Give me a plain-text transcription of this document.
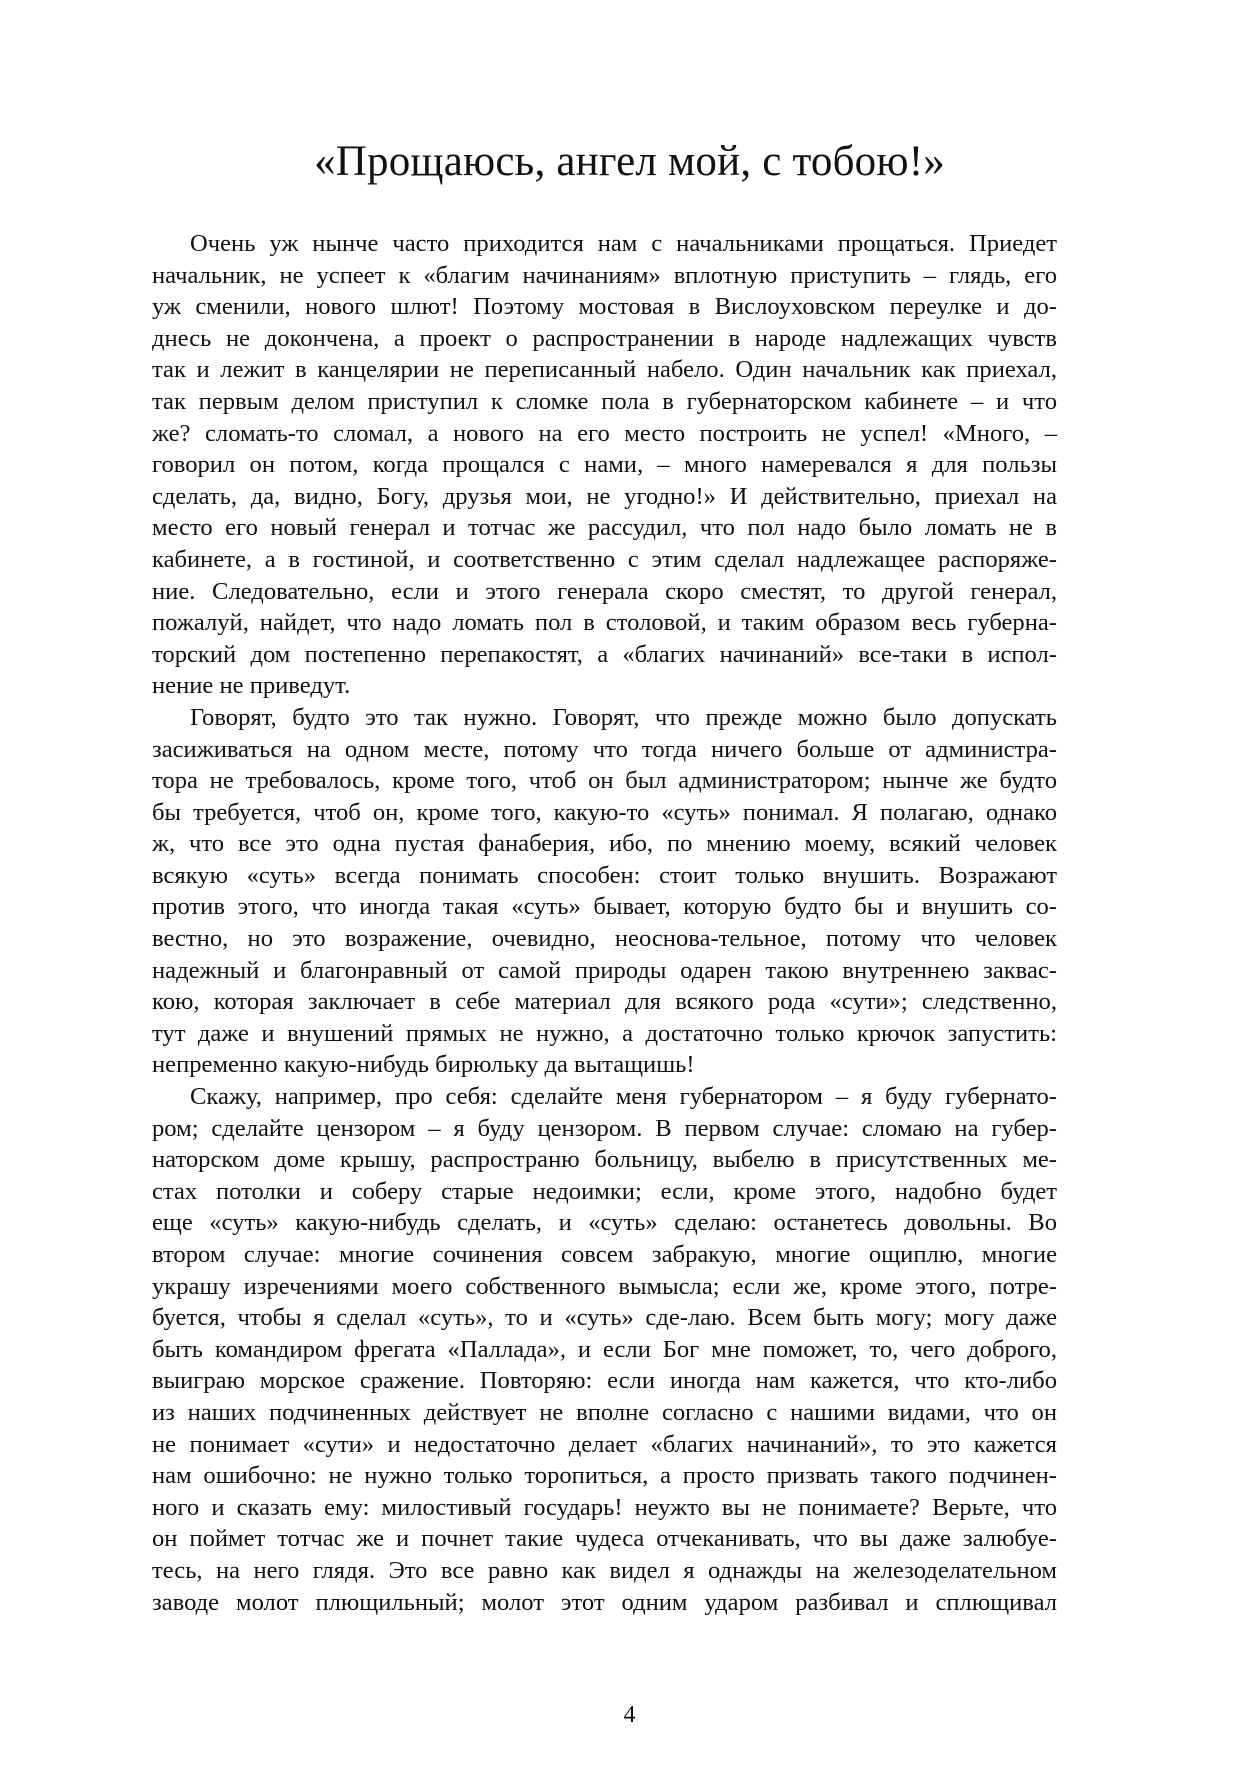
«Прощаюсь, ангел мой, с тобою!»
Очень уж нынче часто приходится нам с начальниками прощаться. Приедет
начальник, не успеет к «благим начинаниям» вплотную приступить – глядь, его
уж сменили, нового шлют! Поэтому мостовая в Вислоуховском переулке и до-
днесь не докончена, а проект о распространении в народе надлежащих чувств
так и лежит в канцелярии не переписанный набело. Один начальник как приехал,
так первым делом приступил к сломке пола в губернаторском кабинете – и что
же? сломать-то сломал, а нового на его место построить не успел! «Много, –
говорил он потом, когда прощался с нами, – много намеревался я для пользы
сделать, да, видно, Богу, друзья мои, не угодно!» И действительно, приехал на
место его новый генерал и тотчас же рассудил, что пол надо было ломать не в
кабинете, а в гостиной, и соответственно с этим сделал надлежащее распоряже-
ние. Следовательно, если и этого генерала скоро сместят, то другой генерал,
пожалуй, найдет, что надо ломать пол в столовой, и таким образом весь губерна-
торский дом постепенно перепакостят, а «благих начинаний» все-таки в испол-
нение не приведут.
Говорят, будто это так нужно. Говорят, что прежде можно было допускать
засиживаться на одном месте, потому что тогда ничего больше от администра-
тора не требовалось, кроме того, чтоб он был администратором; нынче же будто
бы требуется, чтоб он, кроме того, какую-то «суть» понимал. Я полагаю, однако
ж, что все это одна пустая фанаберия, ибо, по мнению моему, всякий человек
всякую «суть» всегда понимать способен: стоит только внушить. Возражают
против этого, что иногда такая «суть» бывает, которую будто бы и внушить со-
вестно, но это возражение, очевидно, неоснова-тельное, потому что человек
надежный и благонравный от самой природы одарен такою внутреннею заквас-
кою, которая заключает в себе материал для всякого рода «сути»; следственно,
тут даже и внушений прямых не нужно, а достаточно только крючок запустить:
непременно какую-нибудь бирюльку да вытащишь!
Скажу, например, про себя: сделайте меня губернатором – я буду губернато-
ром; сделайте цензором – я буду цензором. В первом случае: сломаю на губер-
наторском доме крышу, распространю больницу, выбелю в присутственных ме-
стах потолки и соберу старые недоимки; если, кроме этого, надобно будет
еще «суть» какую-нибудь сделать, и «суть» сделаю: останетесь довольны. Во
втором случае: многие сочинения совсем забракую, многие ощиплю, многие
украшу изречениями моего собственного вымысла; если же, кроме этого, потре-
буется, чтобы я сделал «суть», то и «суть» сде-лаю. Всем быть могу; могу даже
быть командиром фрегата «Паллада», и если Бог мне поможет, то, чего доброго,
выиграю морское сражение. Повторяю: если иногда нам кажется, что кто-либо
из наших подчиненных действует не вполне согласно с нашими видами, что он
не понимает «сути» и недостаточно делает «благих начинаний», то это кажется
нам ошибочно: не нужно только торопиться, а просто призвать такого подчинен-
ного и сказать ему: милостивый государь! неужто вы не понимаете? Верьте, что
он поймет тотчас же и почнет такие чудеса отчеканивать, что вы даже залюбуе-
тесь, на него глядя. Это все равно как видел я однажды на железоделательном
заводе молот плющильный; молот этот одним ударом разбивал и сплющивал
4
